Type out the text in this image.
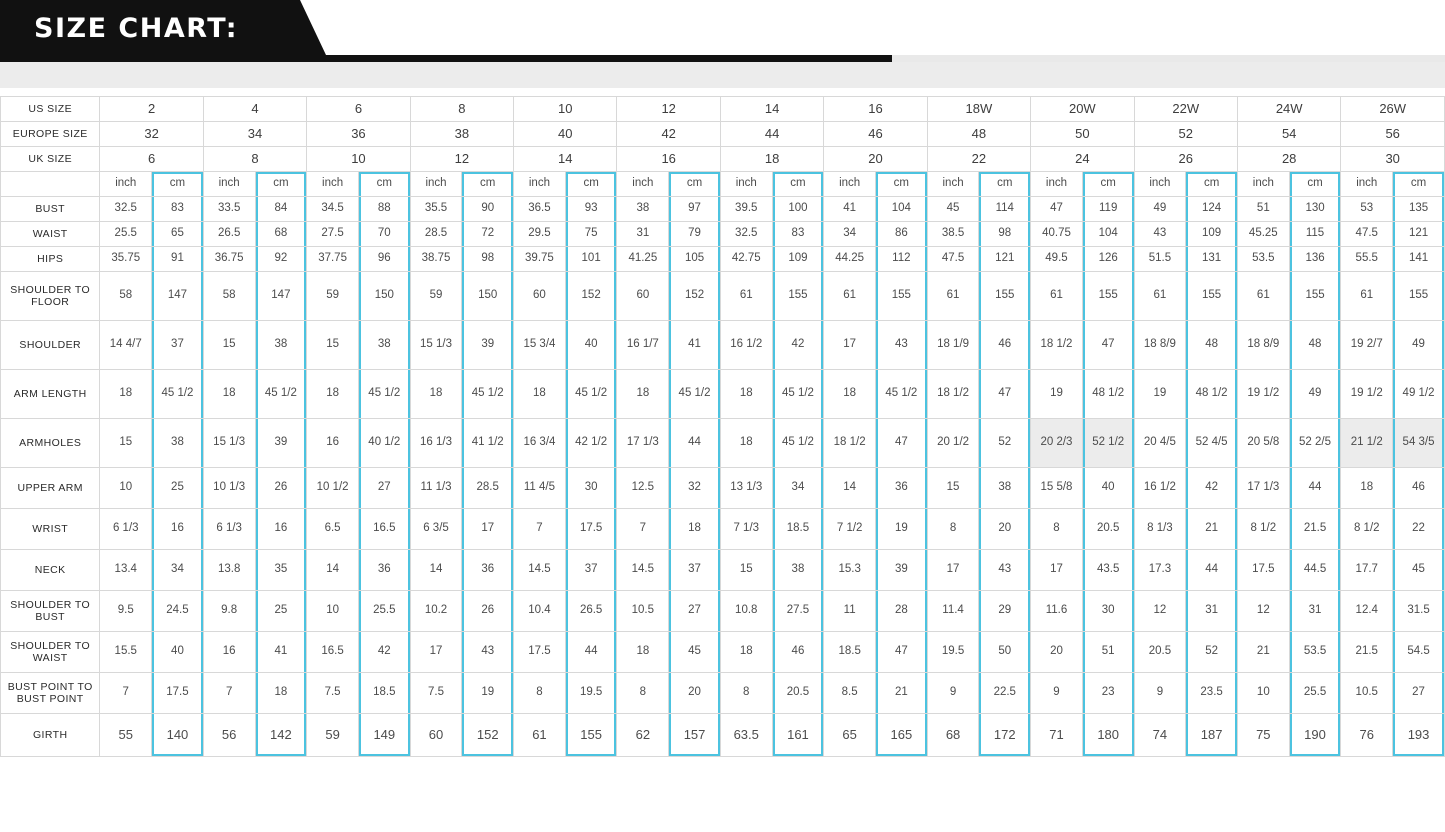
SIZE CHART:
US SIZE	2		4		6		8		10		12		14		16		18W		20W		22W		24W		26W	
EUROPE SIZE	32		34		36		38		40		42		44		46		48		50		52		54		56	
UK SIZE	6		8		10		12		14		16		18		20		22		24		26		28		30	
	inch	cm	inch	cm	inch	cm	inch	cm	inch	cm	inch	cm	inch	cm	inch	cm	inch	cm	inch	cm	inch	cm	inch	cm	inch	cm
BUST	32.5	83	33.5	84	34.5	88	35.5	90	36.5	93	38	97	39.5	100	41	104	45	114	47	119	49	124	51	130	53	135
WAIST	25.5	65	26.5	68	27.5	70	28.5	72	29.5	75	31	79	32.5	83	34	86	38.5	98	40.75	104	43	109	45.25	115	47.5	121
HIPS	35.75	91	36.75	92	37.75	96	38.75	98	39.75	101	41.25	105	42.75	109	44.25	112	47.5	121	49.5	126	51.5	131	53.5	136	55.5	141
SHOULDER TO FLOOR	58	147	58	147	59	150	59	150	60	152	60	152	61	155	61	155	61	155	61	155	61	155	61	155	61	155
SHOULDER	14 4/7	37	15	38	15	38	15 1/3	39	15 3/4	40	16 1/7	41	16 1/2	42	17	43	18 1/9	46	18 1/2	47	18 8/9	48	18 8/9	48	19 2/7	49
ARM LENGTH	18	45 1/2	18	45 1/2	18	45 1/2	18	45 1/2	18	45 1/2	18	45 1/2	18	45 1/2	18	45 1/2	18 1/2	47	19	48 1/2	19	48 1/2	19 1/2	49	19 1/2	49 1/2
ARMHOLES	15	38	15 1/3	39	16	40 1/2	16 1/3	41 1/2	16 3/4	42 1/2	17 1/3	44	18	45 1/2	18 1/2	47	20 1/2	52	20 2/3	52 1/2	20 4/5	52 4/5	20 5/8	52 2/5	21 1/2	54 3/5
UPPER ARM	10	25	10 1/3	26	10 1/2	27	11 1/3	28.5	11 4/5	30	12.5	32	13 1/3	34	14	36	15	38	15 5/8	40	16 1/2	42	17 1/3	44	18	46
WRIST	6 1/3	16	6 1/3	16	6.5	16.5	6 3/5	17	7	17.5	7	18	7 1/3	18.5	7 1/2	19	8	20	8	20.5	8 1/3	21	8 1/2	21.5	8 1/2	22
NECK	13.4	34	13.8	35	14	36	14	36	14.5	37	14.5	37	15	38	15.3	39	17	43	17	43.5	17.3	44	17.5	44.5	17.7	45
SHOULDER TO BUST	9.5	24.5	9.8	25	10	25.5	10.2	26	10.4	26.5	10.5	27	10.8	27.5	11	28	11.4	29	11.6	30	12	31	12	31	12.4	31.5
SHOULDER TO WAIST	15.5	40	16	41	16.5	42	17	43	17.5	44	18	45	18	46	18.5	47	19.5	50	20	51	20.5	52	21	53.5	21.5	54.5
BUST POINT TO BUST POINT	7	17.5	7	18	7.5	18.5	7.5	19	8	19.5	8	20	8	20.5	8.5	21	9	22.5	9	23	9	23.5	10	25.5	10.5	27
GIRTH	55	140	56	142	59	149	60	152	61	155	62	157	63.5	161	65	165	68	172	71	180	74	187	75	190	76	193
